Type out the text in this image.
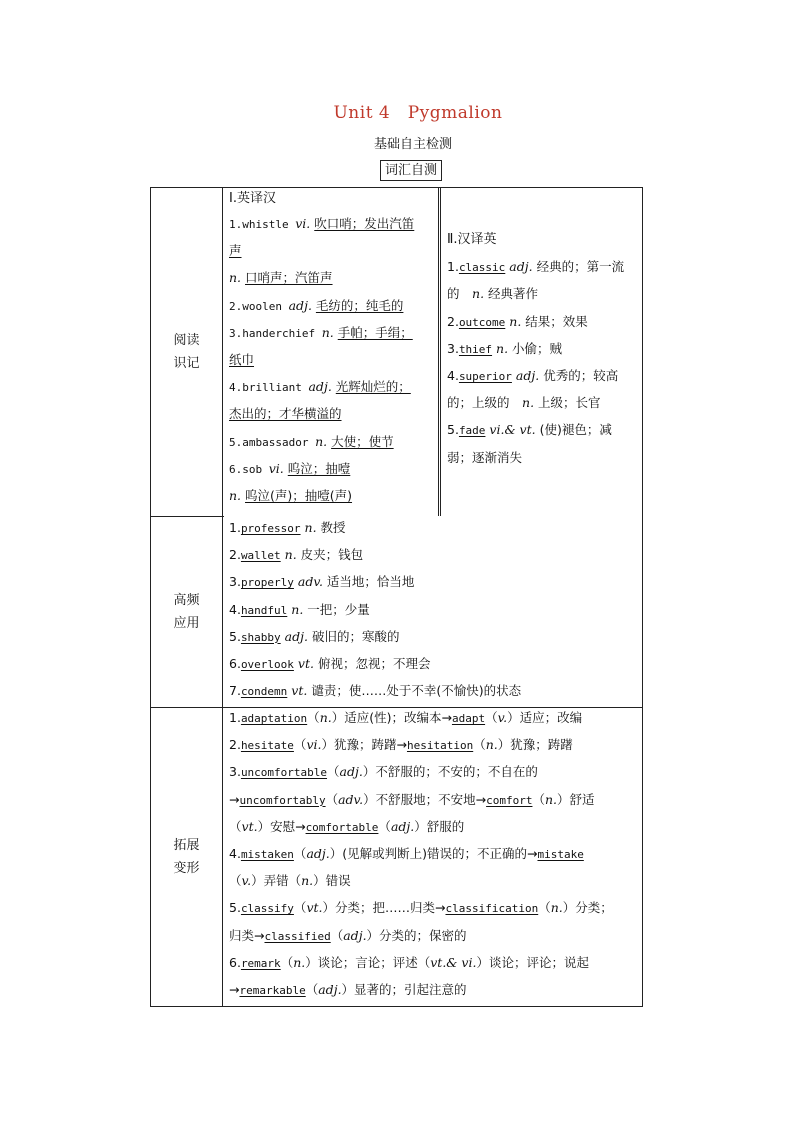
Unit 4　Pygmalion
基础自主检测
词汇自测
阅读
识记
高频
应用
拓展
变形
Ⅰ.英译汉
1.whistle vi. 吹口哨；发出汽笛
声
n. 口哨声；汽笛声
2.woolen adj. 毛纺的；纯毛的
3.handerchief n. 手帕；手绢；
纸巾
4.brilliant adj. 光辉灿烂的；
杰出的；才华横溢的
5.ambassador n. 大使；使节
6.sob vi. 呜泣；抽噎
n. 呜泣(声)；抽噎(声)
Ⅱ.汉译英
1.classic adj. 经典的；第一流
的　n. 经典著作
2.outcome n. 结果；效果
3.thief n. 小偷；贼
4.superior adj. 优秀的；较高
的；上级的　n. 上级；长官
5.fade vi.& vt. (使)褪色；减
弱；逐渐消失
1.professor n. 教授
2.wallet n. 皮夹；钱包
3.properly adv. 适当地；恰当地
4.handful n. 一把；少量
5.shabby adj. 破旧的；寒酸的
6.overlook vt. 俯视；忽视；不理会
7.condemn vt. 谴责；使……处于不幸(不愉快)的状态
1.adaptation（n.）适应(性)；改编本→adapt（v.）适应；改编
2.hesitate（vi.）犹豫；踌躇→hesitation（n.）犹豫；踌躇
3.uncomfortable（adj.）不舒服的；不安的；不自在的
→uncomfortably（adv.）不舒服地；不安地→comfort（n.）舒适
（vt.）安慰→comfortable（adj.）舒服的
4.mistaken（adj.）(见解或判断上)错误的；不正确的→mistake
（v.）弄错（n.）错误
5.classify（vt.）分类；把……归类→classification（n.）分类；
归类→classified（adj.）分类的；保密的
6.remark（n.）谈论；言论；评述（vt.& vi.）谈论；评论；说起
→remarkable（adj.）显著的；引起注意的
